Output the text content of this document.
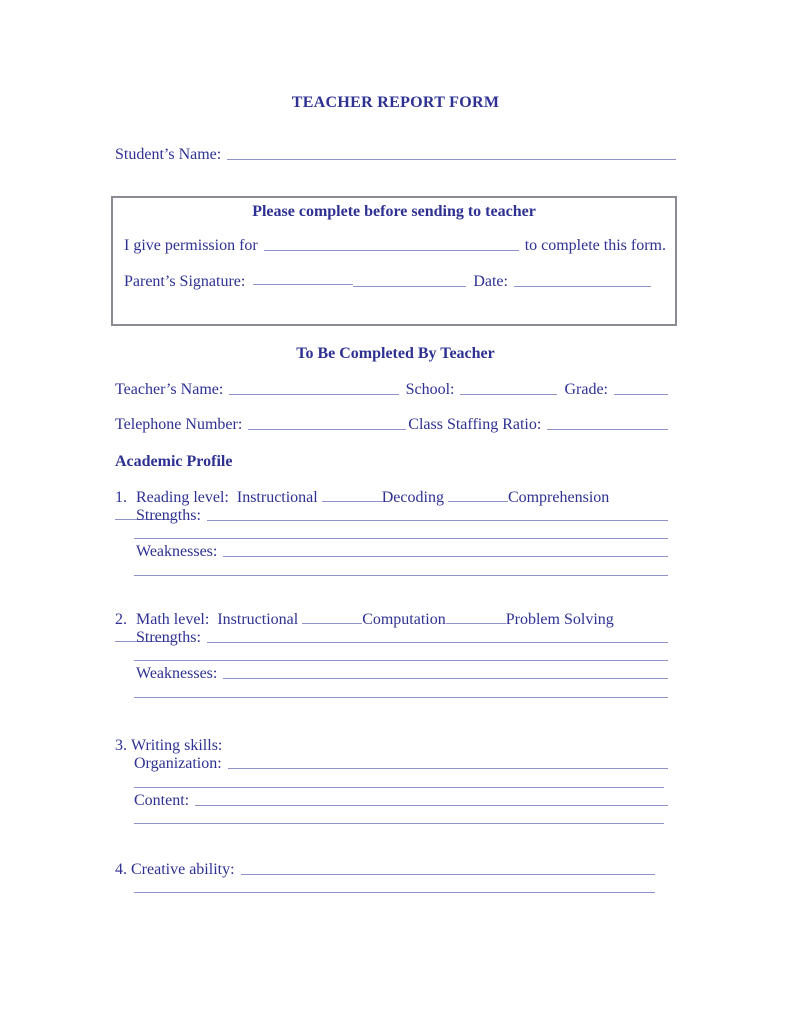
TEACHER REPORT FORM
Student’s Name:
Please complete before sending to teacher
I give permission for	to complete this form.
Parent’s Signature:	Date:
To Be Completed By Teacher
Teacher’s Name:	School:	Grade:
Telephone Number:	Class Staffing Ratio:
Academic Profile
1. Reading level:  Instructional	Decoding	Comprehension
Strengths:
Weaknesses:
2. Math level:  Instructional	Computation	Problem Solving
Strengths:
Weaknesses:
3. Writing skills:
Organization:
Content:
4. Creative ability:
